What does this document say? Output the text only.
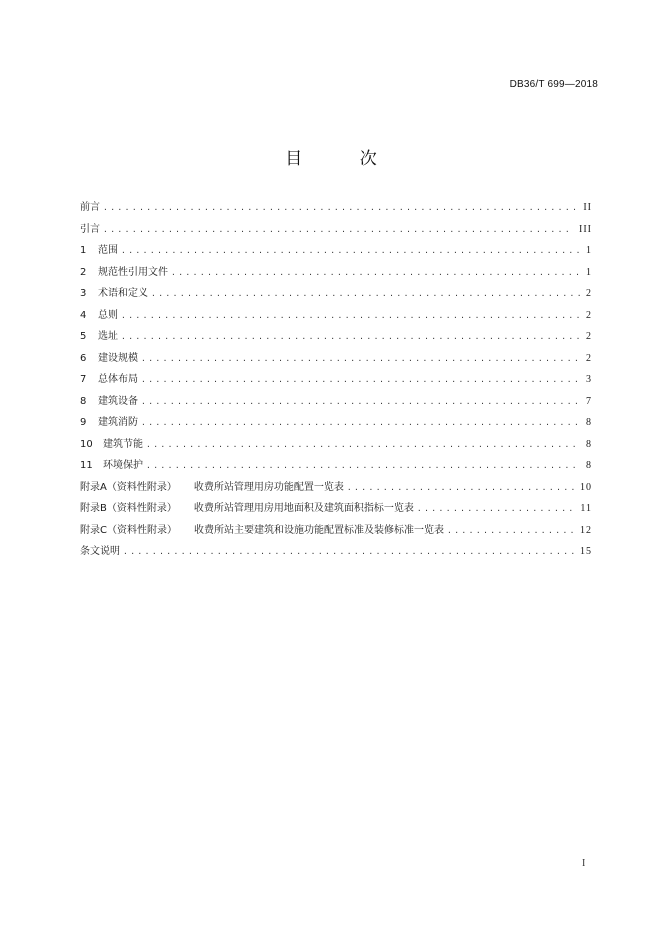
DB36/T 699—2018
目 次
前言 .....	II
引言 .....	III
1 范围 .....	1
2 规范性引用文件 .....	1
3 术语和定义 .....	2
4 总则 .....	2
5 选址 .....	2
6 建设规模 .....	2
7 总体布局 .....	3
8 建筑设备 .....	7
9 建筑消防 .....	8
10 建筑节能 .....	8
11 环境保护 .....	8
附录A（资料性附录） 收费所站管理用房功能配置一览表 .....	10
附录B（资料性附录） 收费所站管理用房用地面积及建筑面积指标一览表 .....	11
附录C（资料性附录） 收费所站主要建筑和设施功能配置标准及装修标准一览表 .....	12
条文说明 .....	15
I
